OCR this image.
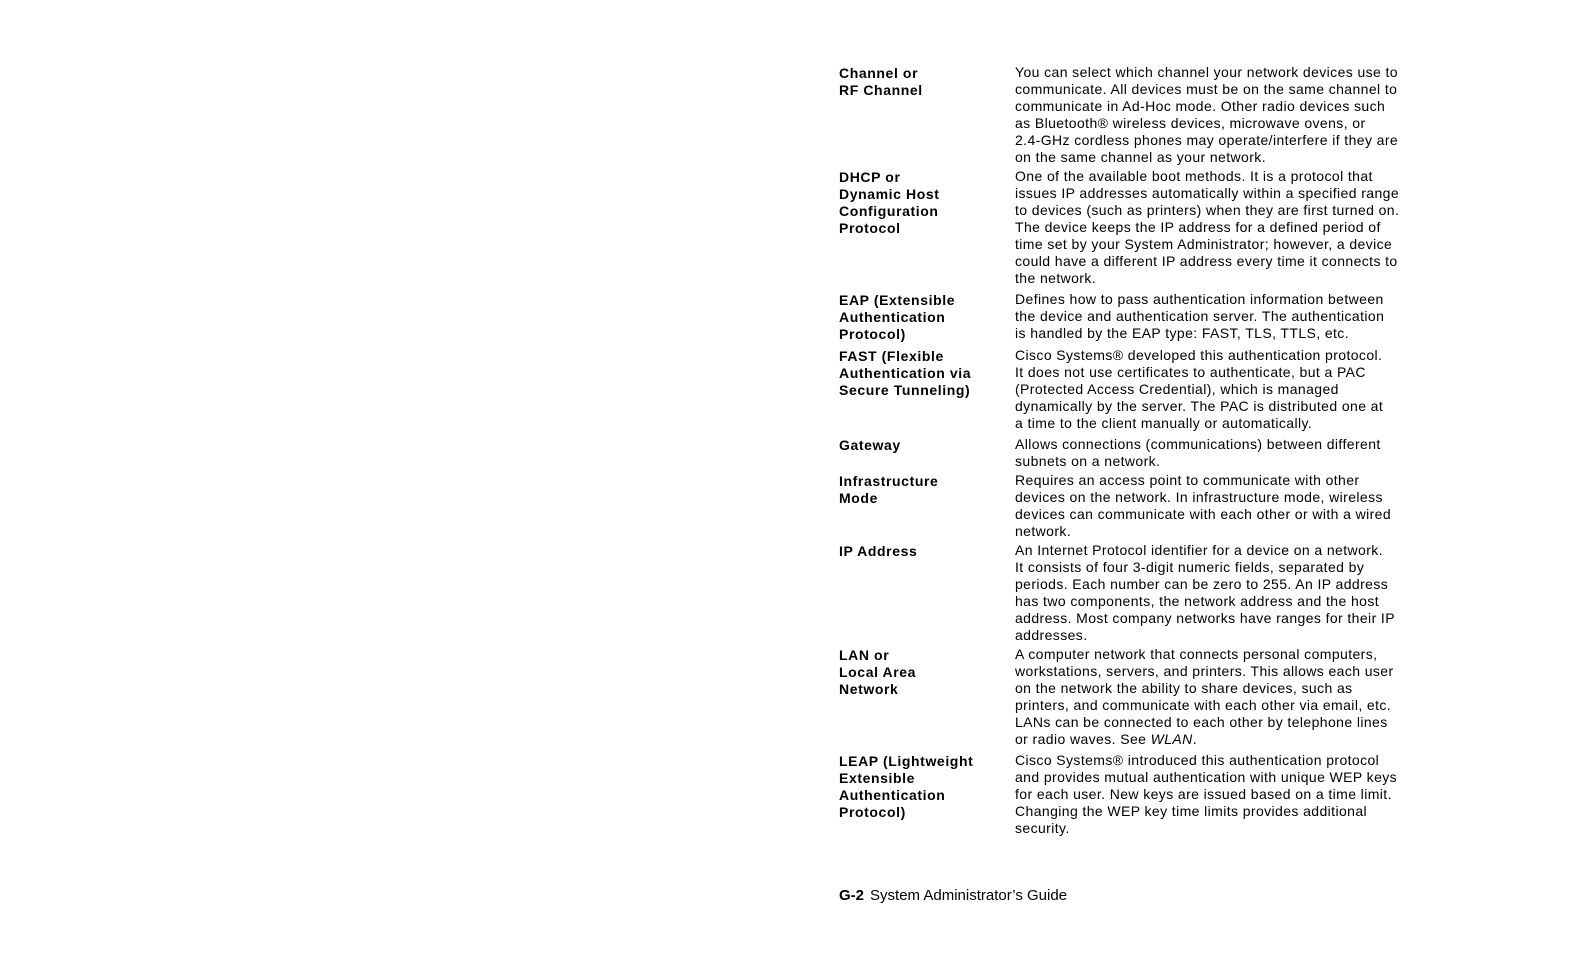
Channel or
RF Channel
You can select which channel your network devices use to
communicate. All devices must be on the same channel to
communicate in Ad-Hoc mode. Other radio devices such
as Bluetooth® wireless devices, microwave ovens, or
2.4-GHz cordless phones may operate/interfere if they are
on the same channel as your network.
DHCP or
Dynamic Host
Configuration
Protocol
One of the available boot methods. It is a protocol that
issues IP addresses automatically within a specified range
to devices (such as printers) when they are first turned on.
The device keeps the IP address for a defined period of
time set by your System Administrator; however, a device
could have a different IP address every time it connects to
the network.
EAP (Extensible
Authentication
Protocol)
Defines how to pass authentication information between
the device and authentication server. The authentication
is handled by the EAP type: FAST, TLS, TTLS, etc.
FAST (Flexible
Authentication via
Secure Tunneling)
Cisco Systems® developed this authentication protocol.
It does not use certificates to authenticate, but a PAC
(Protected Access Credential), which is managed
dynamically by the server. The PAC is distributed one at
a time to the client manually or automatically.
Gateway	Allows connections (communications) between different
subnets on a network.
Infrastructure
Mode
Requires an access point to communicate with other
devices on the network. In infrastructure mode, wireless
devices can communicate with each other or with a wired
network.
IP Address	An Internet Protocol identifier for a device on a network.
It consists of four 3-digit numeric fields, separated by
periods. Each number can be zero to 255. An IP address
has two components, the network address and the host
address. Most company networks have ranges for their IP
addresses.
LAN or
Local Area
Network
A computer network that connects personal computers,
workstations, servers, and printers. This allows each user
on the network the ability to share devices, such as
printers, and communicate with each other via email, etc.
LANs can be connected to each other by telephone lines
or radio waves. See WLAN.
LEAP (Lightweight
Extensible
Authentication
Protocol)
Cisco Systems® introduced this authentication protocol
and provides mutual authentication with unique WEP keys
for each user. New keys are issued based on a time limit.
Changing the WEP key time limits provides additional
security.
G-2 System Administrator’s Guide
